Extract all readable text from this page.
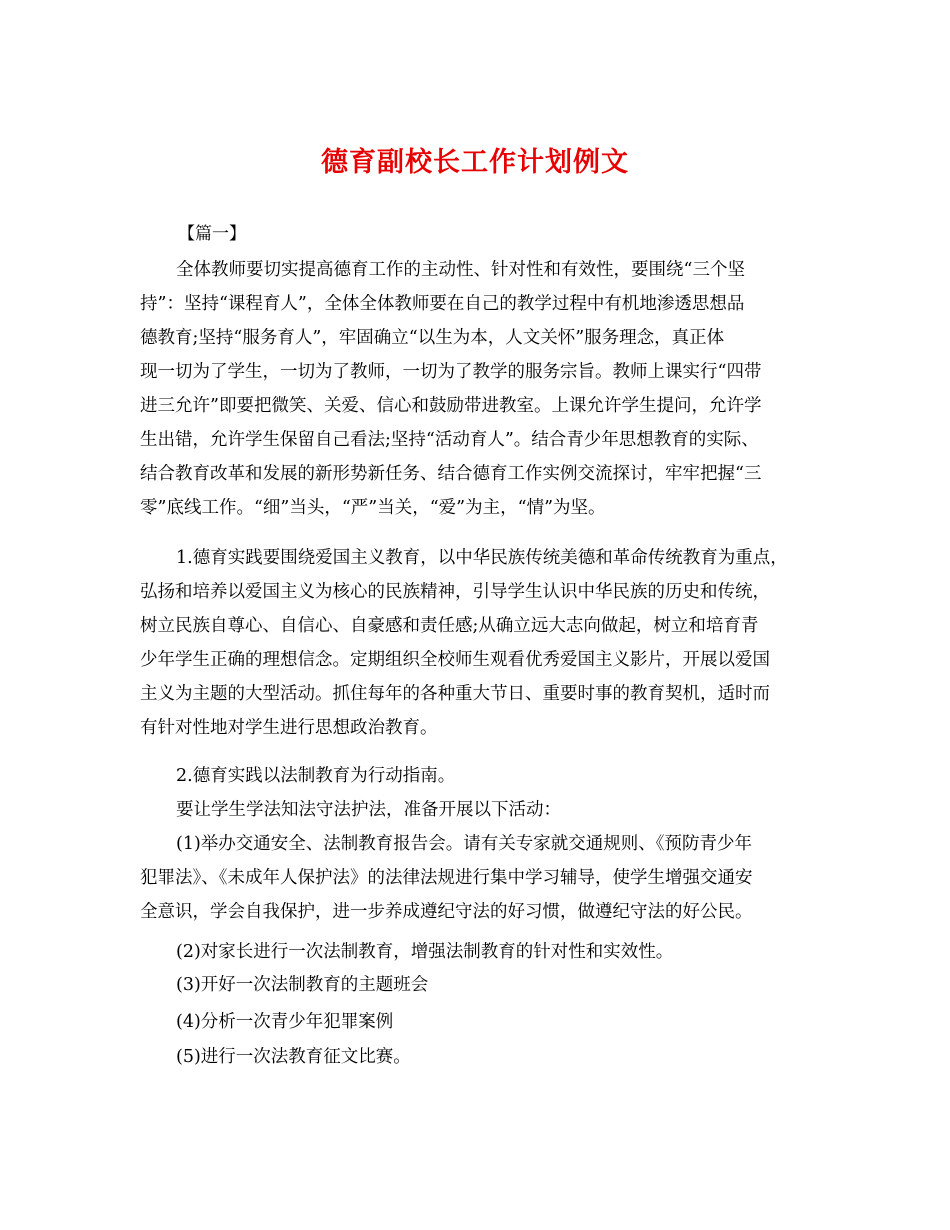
德育副校长工作计划例文
【篇一】
全体教师要切实提高德育工作的主动性、针对性和有效性，要围绕“三个坚
持”：坚持“课程育人”，全体全体教师要在自己的教学过程中有机地渗透思想品
德教育;坚持“服务育人”，牢固确立“以生为本，人文关怀”服务理念，真正体
现一切为了学生，一切为了教师，一切为了教学的服务宗旨。教师上课实行“四带
进三允许”即要把微笑、关爱、信心和鼓励带进教室。上课允许学生提问，允许学
生出错，允许学生保留自己看法;坚持“活动育人”。结合青少年思想教育的实际、
结合教育改革和发展的新形势新任务、结合德育工作实例交流探讨，牢牢把握“三
零”底线工作。“细”当头，“严”当关，“爱”为主，“情”为坚。
1.德育实践要围绕爱国主义教育，以中华民族传统美德和革命传统教育为重点，
弘扬和培养以爱国主义为核心的民族精神，引导学生认识中华民族的历史和传统，
树立民族自尊心、自信心、自豪感和责任感;从确立远大志向做起，树立和培育青
少年学生正确的理想信念。定期组织全校师生观看优秀爱国主义影片，开展以爱国
主义为主题的大型活动。抓住每年的各种重大节日、重要时事的教育契机，适时而
有针对性地对学生进行思想政治教育。
2.德育实践以法制教育为行动指南。
要让学生学法知法守法护法，准备开展以下活动：
(1)举办交通安全、法制教育报告会。请有关专家就交通规则、《预防青少年
犯罪法》、《未成年人保护法》的法律法规进行集中学习辅导，使学生增强交通安
全意识，学会自我保护，进一步养成遵纪守法的好习惯，做遵纪守法的好公民。
(2)对家长进行一次法制教育，增强法制教育的针对性和实效性。
(3)开好一次法制教育的主题班会
(4)分析一次青少年犯罪案例
(5)进行一次法教育征文比赛。
